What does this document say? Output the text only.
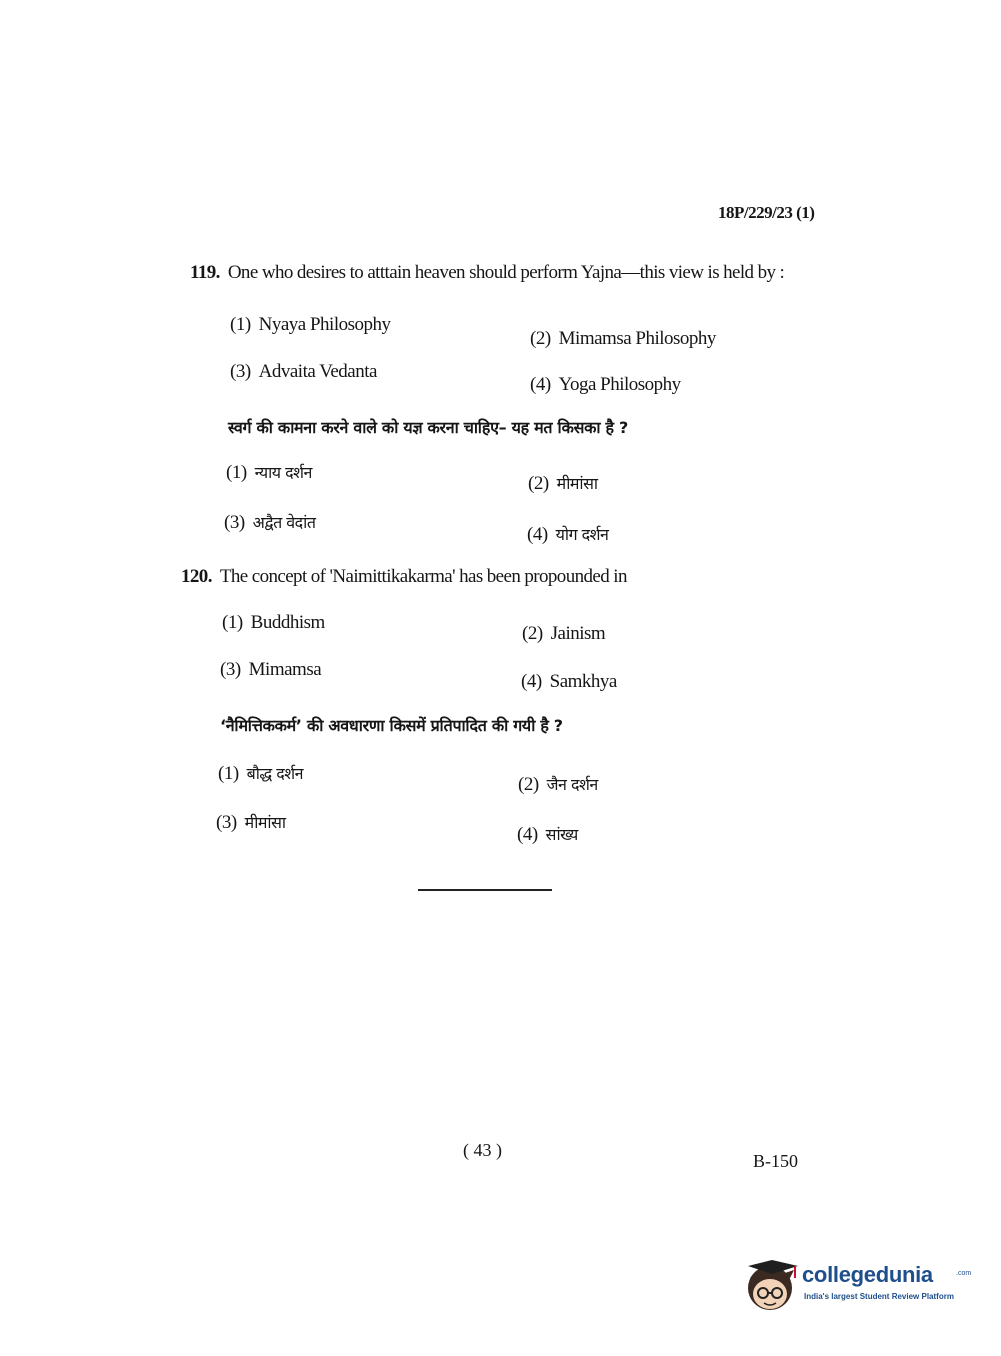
18P/229/23 (1)
119. One who desires to atttain heaven should perform Yajna—this view is held by :
(1) Nyaya Philosophy
(2) Mimamsa Philosophy
(3) Advaita Vedanta
(4) Yoga Philosophy
स्वर्ग की कामना करने वाले को यज्ञ करना चाहिए– यह मत किसका है ?
(1) न्याय दर्शन
(2) मीमांसा
(3) अद्वैत वेदांत
(4) योग दर्शन
120. The concept of 'Naimittikakarma' has been propounded in
(1) Buddhism
(2) Jainism
(3) Mimamsa
(4) Samkhya
‘नैमित्तिककर्म’ की अवधारणा किसमें प्रतिपादित की गयी है ?
(1) बौद्ध दर्शन
(2) जैन दर्शन
(3) मीमांसा
(4) सांख्य
( 43 )
B-150
collegedunia	.com
India's largest Student Review Platform
